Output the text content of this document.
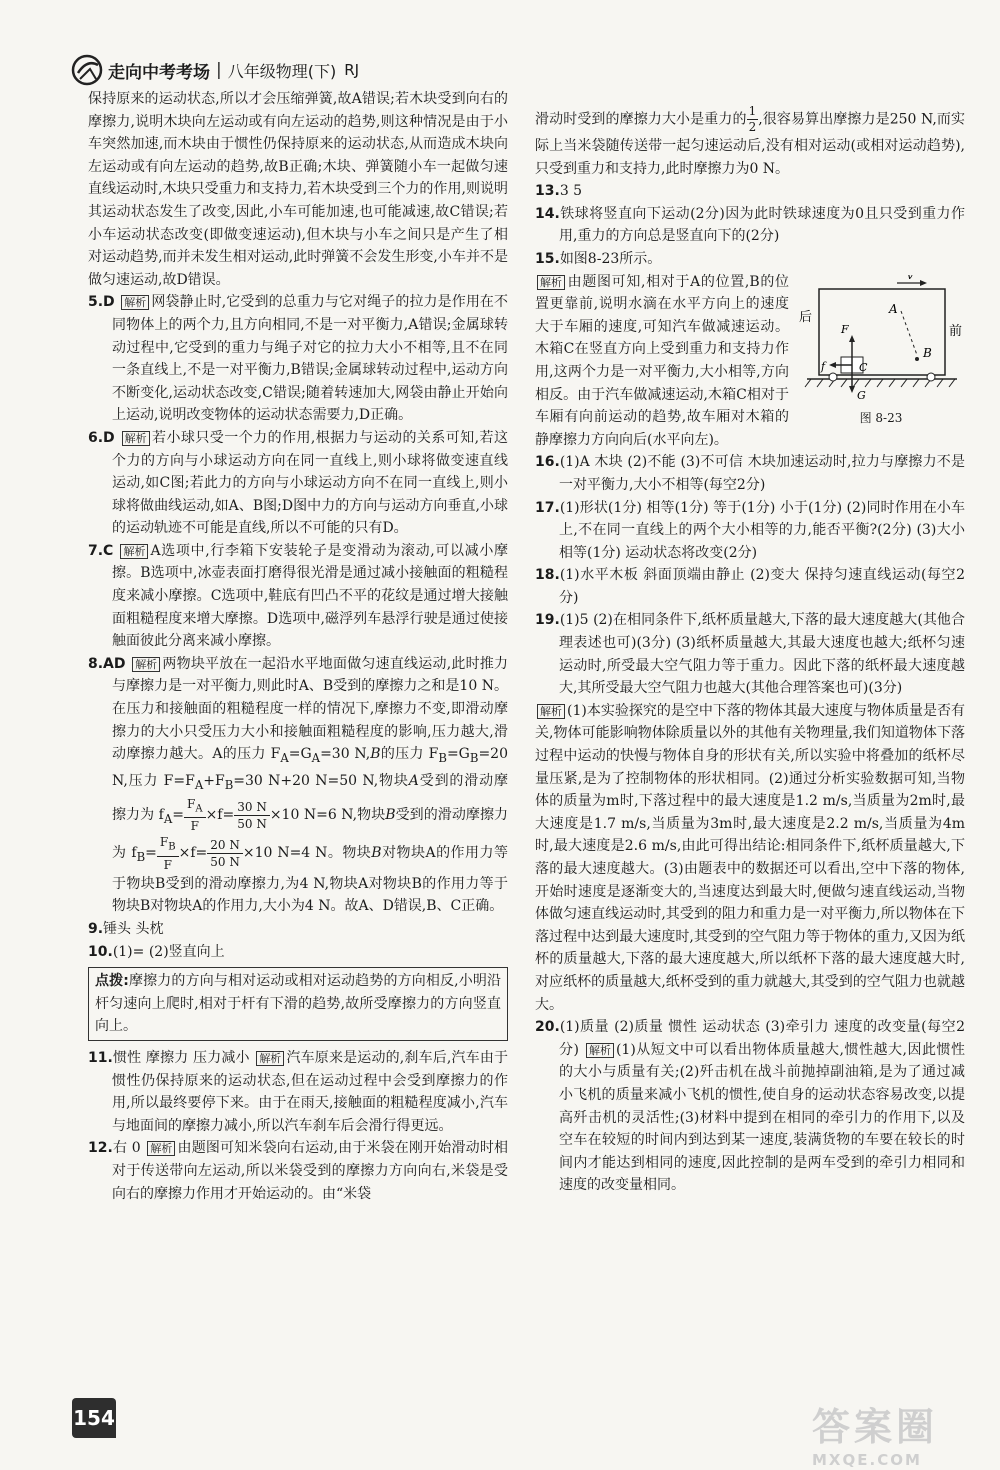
走向中考考场 | 八年级物理(下) RJ

保持原来的运动状态,所以才会压缩弹簧,故A错误;若木块受到向右的摩擦力,说明木块向左运动或有向左运动的趋势,则这种情况是由于小车突然加速,而木块由于惯性仍保持原来的运动状态,从而造成木块向左运动或有向左运动的趋势,故B正确;木块、弹簧随小车一起做匀速直线运动时,木块只受重力和支持力,若木块受到三个力的作用,则说明其运动状态发生了改变,因此,小车可能加速,也可能减速,故C错误;若小车运动状态改变(即做变速运动),但木块与小车之间只是产生了相对运动趋势,而并未发生相对运动,此时弹簧不会发生形变,小车并不是做匀速运动,故D错误。

5.D 解析 网袋静止时,它受到的总重力与它对绳子的拉力是作用在不同物体上的两个力,且方向相同,不是一对平衡力,A错误;金属球转动过程中,它受到的重力与绳子对它的拉力大小不相等,且不在同一条直线上,不是一对平衡力,B错误;金属球转动过程中,运动方向不断变化,运动状态改变,C错误;随着转速加大,网袋由静止开始向上运动,说明改变物体的运动状态需要力,D正确。

6.D 解析 若小球只受一个力的作用,根据力与运动的关系可知,若这个力的方向与小球运动方向在同一直线上,则小球将做变速直线运动,如C图;若此力的方向与小球运动方向不在同一直线上,则小球将做曲线运动,如A、B图;D图中力的方向与运动方向垂直,小球的运动轨迹不可能是直线,所以不可能的只有D。

7.C 解析 A选项中,行李箱下安装轮子是变滑动为滚动,可以减小摩擦。B选项中,冰壶表面打磨得很光滑是通过减小接触面的粗糙程度来减小摩擦。C选项中,鞋底有凹凸不平的花纹是通过增大接触面粗糙程度来增大摩擦。D选项中,磁浮列车悬浮行驶是通过使接触面彼此分离来减小摩擦。

8.AD 解析 两物块平放在一起沿水平地面做匀速直线运动,此时推力与摩擦力是一对平衡力,则此时A、B受到的摩擦力之和是10 N。在压力和接触面的粗糙程度一样的情况下,摩擦力不变,即滑动摩擦力的大小只受压力大小和接触面粗糙程度的影响,压力越大,滑动摩擦力越大。A的压力 $F_A=G_A=30$ N,B的压力 $F_B=G_B=20$ N,压力 $F=F_A+F_B=30$ N+20 N=50 N,物块A受到的滑动摩擦力为 $f_A= \frac{F_A}{F} \times f= \frac{30 N}{50 N} \times 10$ N=6 N,物块B受到的滑动摩擦力为 $f_B= \frac{F_B}{F} \times f= \frac{20 N}{50 N} \times 10$ N=4 N。物块B对物块A的作用力等于物块B受到的滑动摩擦力,为4 N,物块A对物块B的作用力等于物块B对物块A的作用力,大小为4 N。故A、D错误,B、C正确。

9.锤头 头枕

10.(1)= (2)竖直向上

点拨:摩擦力的方向与相对运动或相对运动趋势的方向相反,小明沿杆匀速向上爬时,相对于杆有下滑的趋势,故所受摩擦力的方向竖直向上。

11.惯性 摩擦力 压力减小 解析 汽车原来是运动的,刹车后,汽车由于惯性仍保持原来的运动状态,但在运动过程中会受到摩擦力的作用,所以最终要停下来。由于在雨天,接触面的粗糙程度减小,汽车与地面间的摩擦力减小,所以汽车刹车后会滑行得更远。

12.右 0 解析 由题图可知米袋向右运动,由于米袋在刚开始滑动时相对于传送带向左运动,所以米袋受到的摩擦力方向向右,米袋是受向右的摩擦力作用才开始运动的。由“米袋

滑动时受到的摩擦力大小是重力的 $\frac{1}{2}$ ,很容易算出摩擦力是250 N,而实际上当米袋随传送带一起匀速运动后,没有相对运动(或相对运动趋势),只受到重力和支持力,此时摩擦力为0 N。

13.3 5

14.铁球将竖直向下运动(2分)因为此时铁球速度为0且只受到重力作用,重力的方向总是竖直向下的(2分)

15.如图8-23所示。

后
前
v
A
B
C
F
f
G
图 8-23

解析 由题图可知,相对于A的位置,B的位置更靠前,说明水滴在水平方向上的速度大于车厢的速度,可知汽车做减速运动。木箱C在竖直方向上受到重力和支持力作用,这两个力是一对平衡力,大小相等,方向相反。由于汽车做减速运动,木箱C相对于车厢有向前运动的趋势,故车厢对木箱的静摩擦力方向向后(水平向左)。

16.(1)A 木块 (2)不能 (3)不可信 木块加速运动时,拉力与摩擦力不是一对平衡力,大小不相等(每空2分)

17.(1)形状(1分) 相等(1分) 等于(1分) 小于(1分) (2)同时作用在小车上,不在同一直线上的两个大小相等的力,能否平衡?(2分) (3)大小相等(1分) 运动状态将改变(2分)

18.(1)水平木板 斜面顶端由静止 (2)变大 保持匀速直线运动(每空2分)

19.(1)5 (2)在相同条件下,纸杯质量越大,下落的最大速度越大(其他合理表述也可)(3分) (3)纸杯质量越大,其最大速度也越大;纸杯匀速运动时,所受最大空气阻力等于重力。因此下落的纸杯最大速度越大,其所受最大空气阻力也越大(其他合理答案也可)(3分)

解析 (1)本实验探究的是空中下落的物体其最大速度与物体质量是否有关,物体可能影响物体除质量以外的其他有关物理量,我们知道物体下落过程中运动的快慢与物体自身的形状有关,所以实验中将叠加的纸杯尽量压紧,是为了控制物体的形状相同。(2)通过分析实验数据可知,当物体的质量为m时,下落过程中的最大速度是1.2 m/s,当质量为2m时,最大速度是1.7 m/s,当质量为3m时,最大速度是2.2 m/s,当质量为4m时,最大速度是2.6 m/s,由此可得出结论:相同条件下,纸杯质量越大,下落的最大速度越大。(3)由题表中的数据还可以看出,空中下落的物体,开始时速度是逐渐变大的,当速度达到最大时,便做匀速直线运动,当物体做匀速直线运动时,其受到的阻力和重力是一对平衡力,所以物体在下落过程中达到最大速度时,其受到的空气阻力等于物体的重力,又因为纸杯的质量越大,下落的最大速度越大,所以纸杯下落的最大速度越大时,对应纸杯的质量越大,纸杯受到的重力就越大,其受到的空气阻力也就越大。

20.(1)质量 (2)质量 惯性 运动状态 (3)牵引力 速度的改变量(每空2分) 解析 (1)从短文中可以看出物体质量越大,惯性越大,因此惯性的大小与质量有关;(2)歼击机在战斗前抛掉副油箱,是为了通过减小飞机的质量来减小飞机的惯性,使自身的运动状态容易改变,以提高歼击机的灵活性;(3)材料中提到在相同的牵引力的作用下,以及空车在较短的时间内到达到某一速度,装满货物的车要在较长的时间内才能达到相同的速度,因此控制的是两车受到的牵引力相同和速度的改变量相同。

154	答案圈
MXQE.COM
